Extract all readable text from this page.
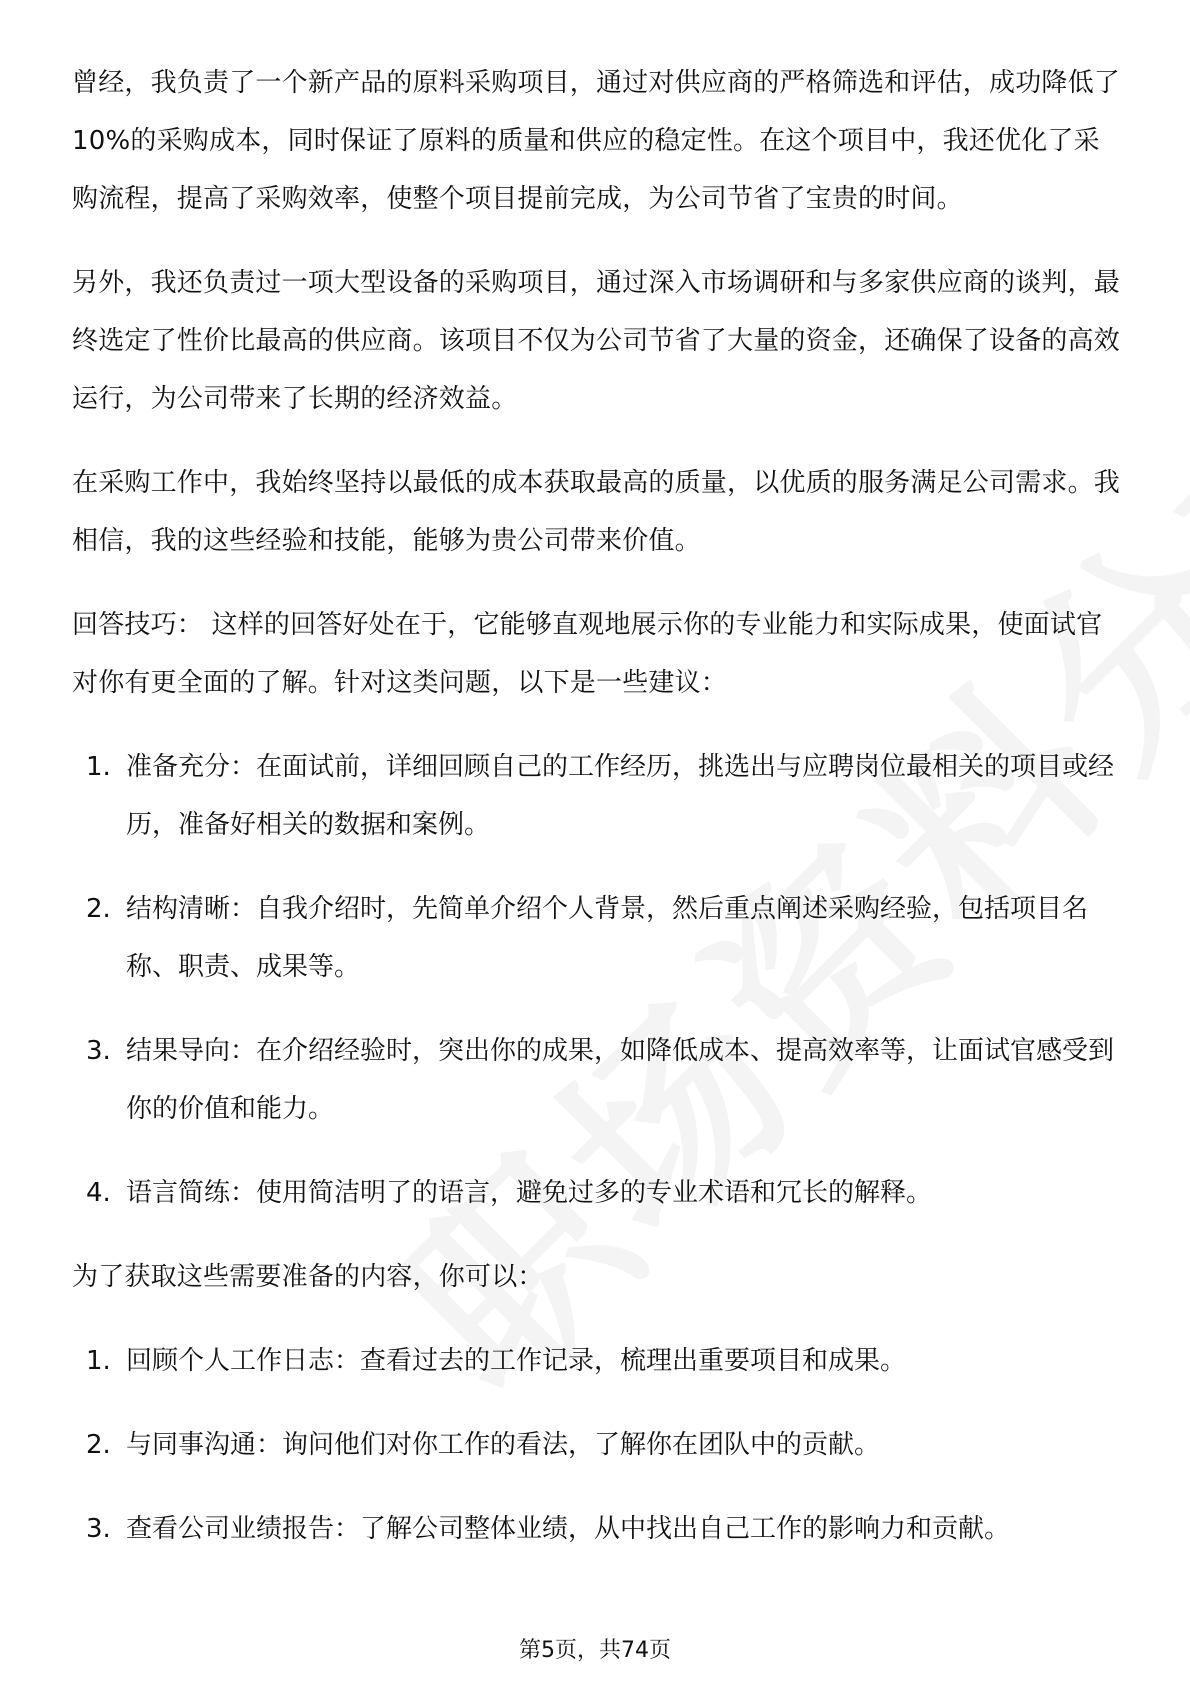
曾经，我负责了一个新产品的原料采购项目，通过对供应商的严格筛选和评估，成功降低了10%的采购成本，同时保证了原料的质量和供应的稳定性。在这个项目中，我还优化了采购流程，提高了采购效率，使整个项目提前完成，为公司节省了宝贵的时间。

另外，我还负责过一项大型设备的采购项目，通过深入市场调研和与多家供应商的谈判，最终选定了性价比最高的供应商。该项目不仅为公司节省了大量的资金，还确保了设备的高效运行，为公司带来了长期的经济效益。

在采购工作中，我始终坚持以最低的成本获取最高的质量，以优质的服务满足公司需求。我相信，我的这些经验和技能，能够为贵公司带来价值。

回答技巧： 这样的回答好处在于，它能够直观地展示你的专业能力和实际成果，使面试官对你有更全面的了解。针对这类问题，以下是一些建议：

1. 准备充分：在面试前，详细回顾自己的工作经历，挑选出与应聘岗位最相关的项目或经历，准备好相关的数据和案例。
2. 结构清晰：自我介绍时，先简单介绍个人背景，然后重点阐述采购经验，包括项目名称、职责、成果等。
3. 结果导向：在介绍经验时，突出你的成果，如降低成本、提高效率等，让面试官感受到你的价值和能力。
4. 语言简练：使用简洁明了的语言，避免过多的专业术语和冗长的解释。

为了获取这些需要准备的内容，你可以：

1. 回顾个人工作日志：查看过去的工作记录，梳理出重要项目和成果。
2. 与同事沟通：询问他们对你工作的看法，了解你在团队中的贡献。
3. 查看公司业绩报告：了解公司整体业绩，从中找出自己工作的影响力和贡献。
第5页，共74页
